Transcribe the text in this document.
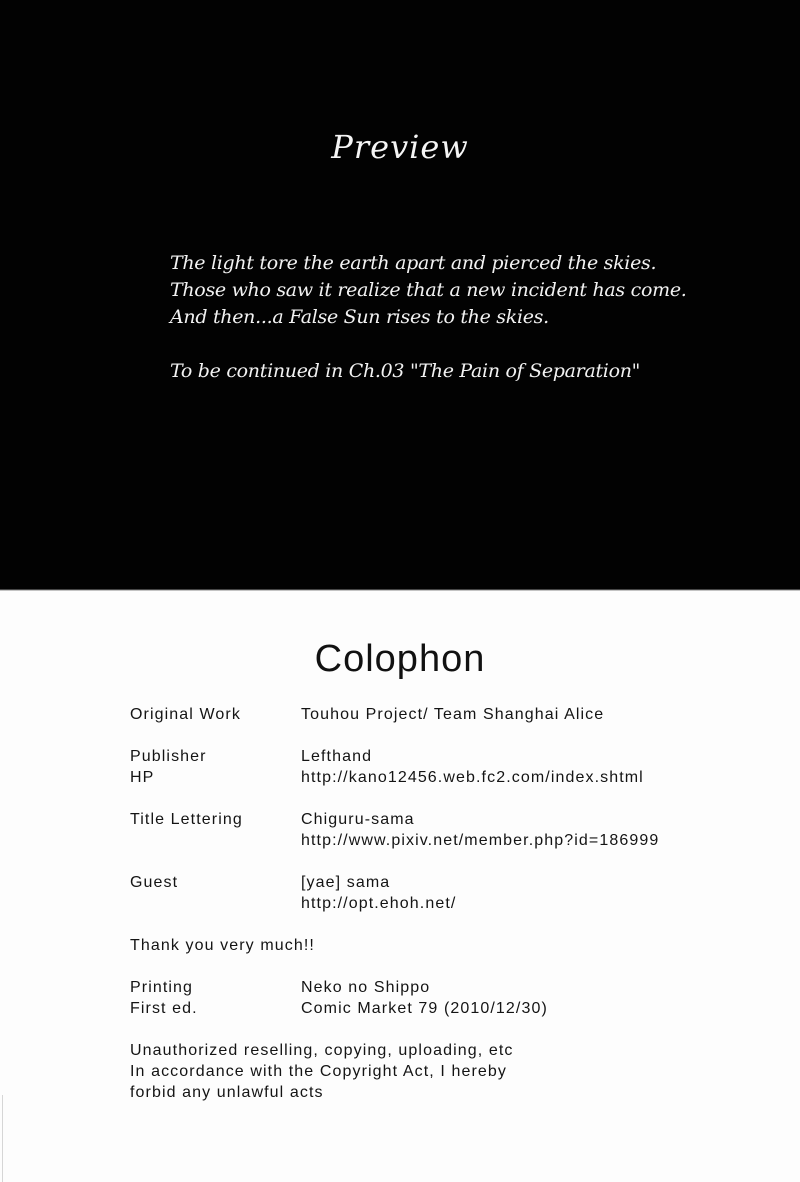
Preview
The light tore the earth apart and pierced the skies.
Those who saw it realize that a new incident has come.
And then...a False Sun rises to the skies.
To be continued in Ch.03 "The Pain of Separation"
Colophon
Original Work	Touhou Project/ Team Shanghai Alice
Publisher	Lefthand
HP	http://kano12456.web.fc2.com/index.shtml
Title Lettering	Chiguru-sama
http://www.pixiv.net/member.php?id=186999
Guest	[yae] sama
http://opt.ehoh.net/
Thank you very much!!
Printing	Neko no Shippo
First ed.	Comic Market 79 (2010/12/30)
Unauthorized reselling, copying, uploading, etc
In accordance with the Copyright Act, I hereby
forbid any unlawful acts
